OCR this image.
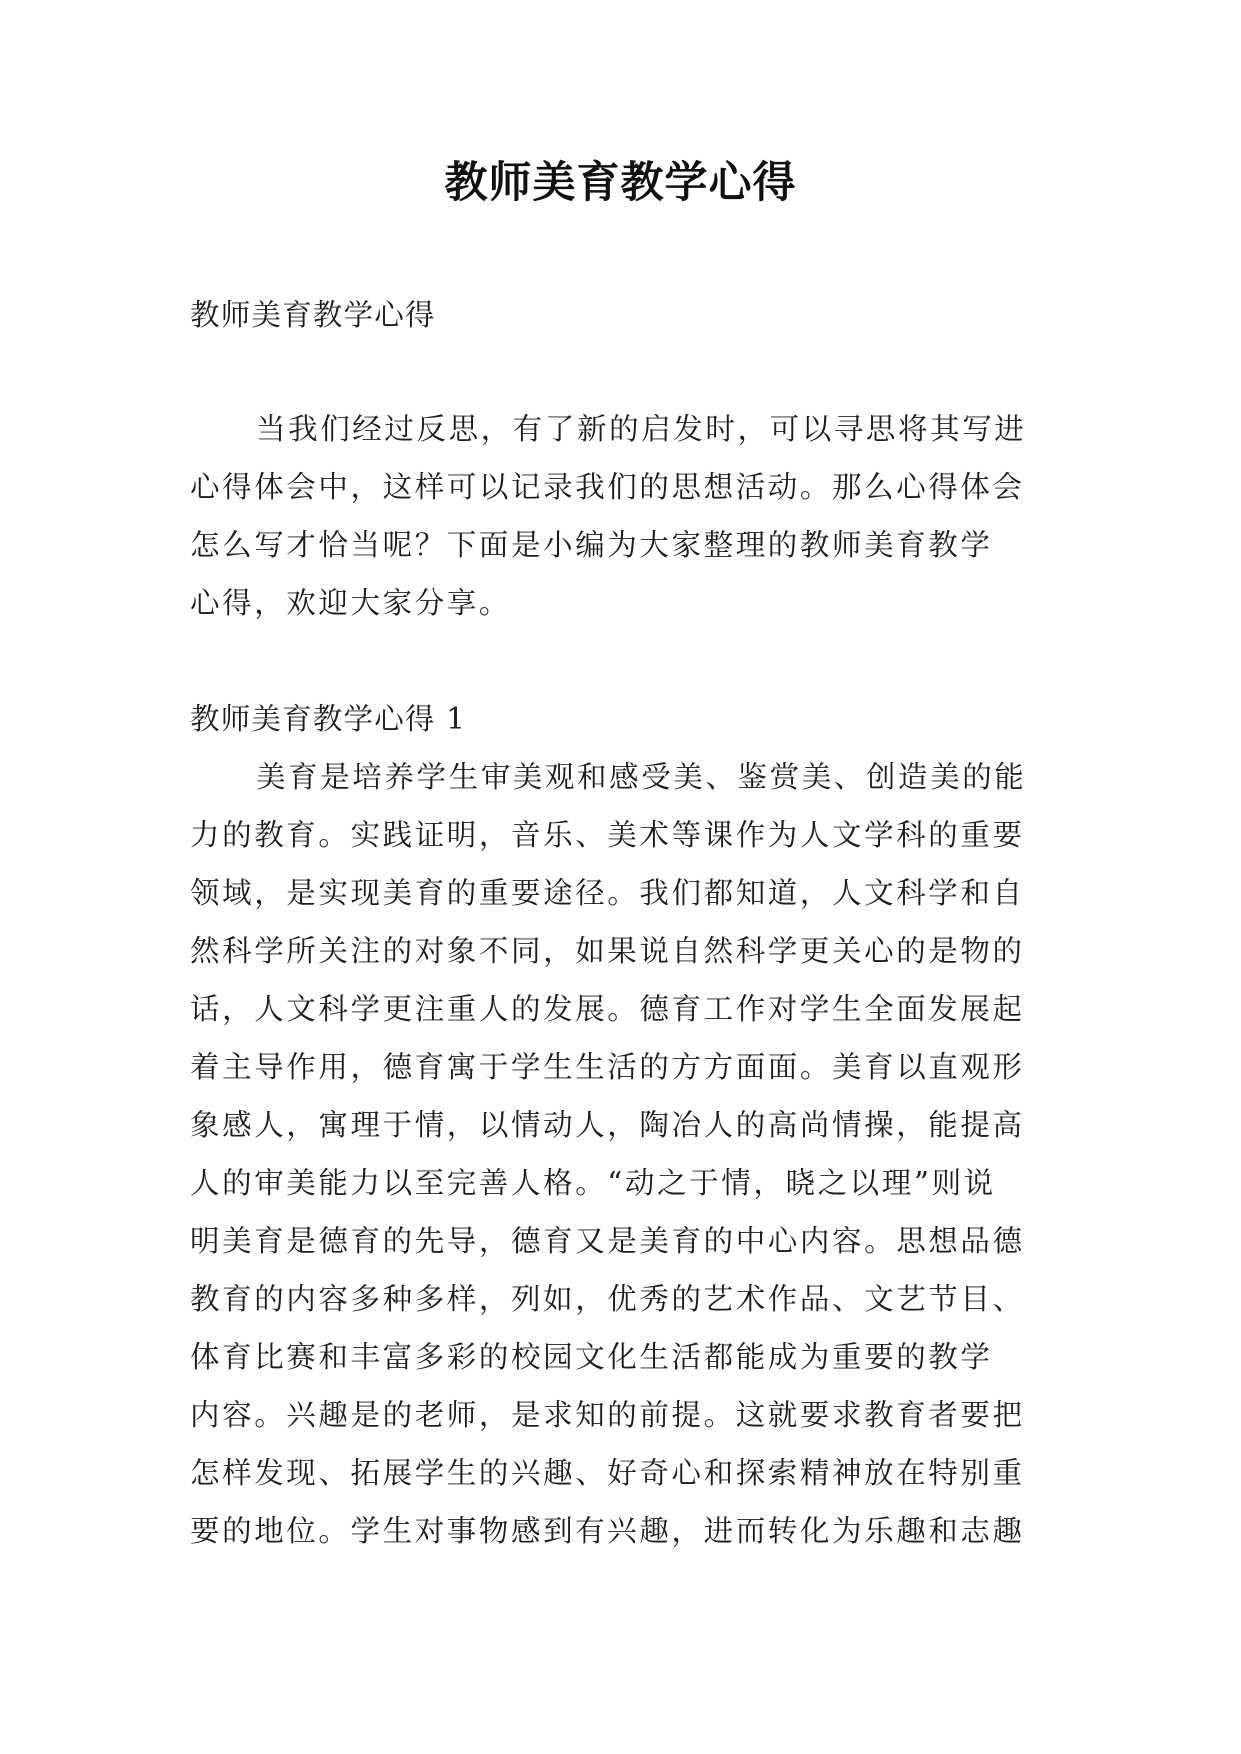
教师美育教学心得
教师美育教学心得
当我们经过反思，有了新的启发时，可以寻思将其写进
心得体会中，这样可以记录我们的思想活动。那么心得体会
怎么写才恰当呢？下面是小编为大家整理的教师美育教学
心得，欢迎大家分享。
教师美育教学心得 1
美育是培养学生审美观和感受美、鉴赏美、创造美的能
力的教育。实践证明，音乐、美术等课作为人文学科的重要
领域，是实现美育的重要途径。我们都知道，人文科学和自
然科学所关注的对象不同，如果说自然科学更关心的是物的
话，人文科学更注重人的发展。德育工作对学生全面发展起
着主导作用，德育寓于学生生活的方方面面。美育以直观形
象感人，寓理于情，以情动人，陶冶人的高尚情操，能提高
人的审美能力以至完善人格。“动之于情，晓之以理”则说
明美育是德育的先导，德育又是美育的中心内容。思想品德
教育的内容多种多样，列如，优秀的艺术作品、文艺节目、
体育比赛和丰富多彩的校园文化生活都能成为重要的教学
内容。兴趣是的老师，是求知的前提。这就要求教育者要把
怎样发现、拓展学生的兴趣、好奇心和探索精神放在特别重
要的地位。学生对事物感到有兴趣，进而转化为乐趣和志趣
